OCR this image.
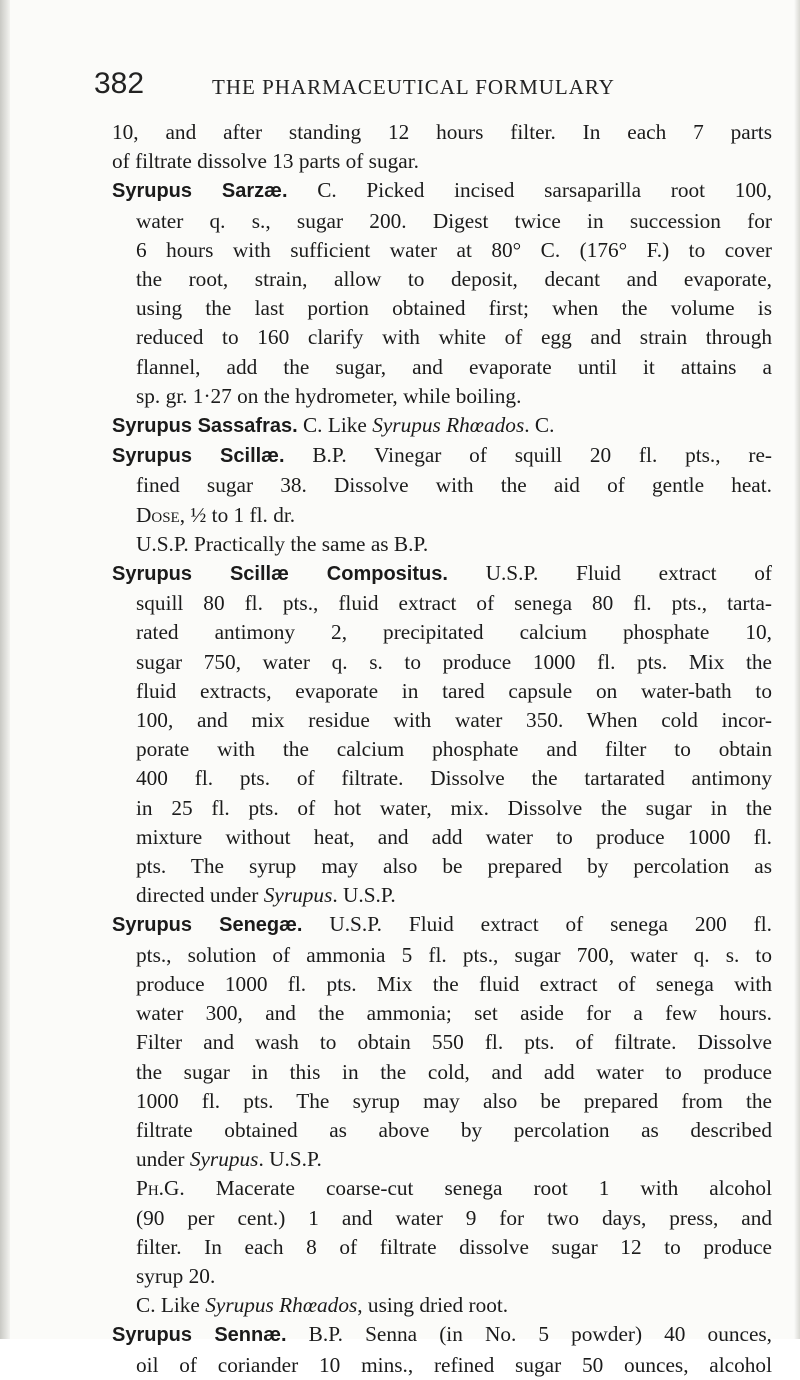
382	THE PHARMACEUTICAL FORMULARY
10, and after standing 12 hours filter. In each 7 parts
of filtrate dissolve 13 parts of sugar.
Syrupus Sarzæ. C. Picked incised sarsaparilla root 100,
water q. s., sugar 200. Digest twice in succession for
6 hours with sufficient water at 80° C. (176° F.) to cover
the root, strain, allow to deposit, decant and evaporate,
using the last portion obtained first; when the volume is
reduced to 160 clarify with white of egg and strain through
flannel, add the sugar, and evaporate until it attains a
sp. gr. 1·27 on the hydrometer, while boiling.
Syrupus Sassafras. C. Like Syrupus Rhœados. C.
Syrupus Scillæ. B.P. Vinegar of squill 20 fl. pts., re-
fined sugar 38. Dissolve with the aid of gentle heat.
Dose, ½ to 1 fl. dr.
U.S.P. Practically the same as B.P.
Syrupus Scillæ Compositus. U.S.P. Fluid extract of
squill 80 fl. pts., fluid extract of senega 80 fl. pts., tarta-
rated antimony 2, precipitated calcium phosphate 10,
sugar 750, water q. s. to produce 1000 fl. pts. Mix the
fluid extracts, evaporate in tared capsule on water-bath to
100, and mix residue with water 350. When cold incor-
porate with the calcium phosphate and filter to obtain
400 fl. pts. of filtrate. Dissolve the tartarated antimony
in 25 fl. pts. of hot water, mix. Dissolve the sugar in the
mixture without heat, and add water to produce 1000 fl.
pts. The syrup may also be prepared by percolation as
directed under Syrupus. U.S.P.
Syrupus Senegæ. U.S.P. Fluid extract of senega 200 fl.
pts., solution of ammonia 5 fl. pts., sugar 700, water q. s. to
produce 1000 fl. pts. Mix the fluid extract of senega with
water 300, and the ammonia; set aside for a few hours.
Filter and wash to obtain 550 fl. pts. of filtrate. Dissolve
the sugar in this in the cold, and add water to produce
1000 fl. pts. The syrup may also be prepared from the
filtrate obtained as above by percolation as described
under Syrupus. U.S.P.
Ph.G. Macerate coarse-cut senega root 1 with alcohol
(90 per cent.) 1 and water 9 for two days, press, and
filter. In each 8 of filtrate dissolve sugar 12 to produce
syrup 20.
C. Like Syrupus Rhœados, using dried root.
Syrupus Sennæ. B.P. Senna (in No. 5 powder) 40 ounces,
oil of coriander 10 mins., refined sugar 50 ounces, alcohol
